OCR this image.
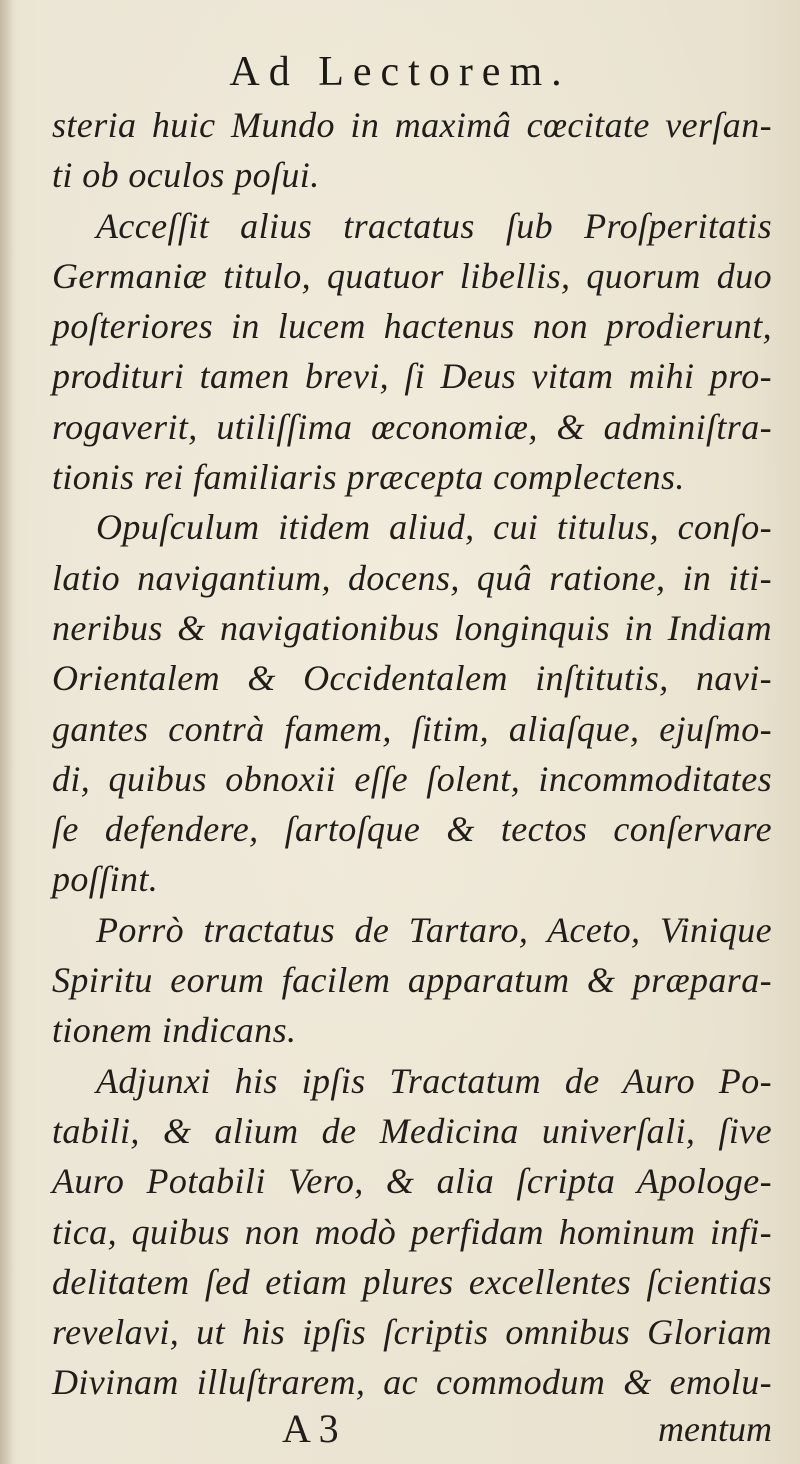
Ad Lectorem.
steria huic Mundo in maximâ cœcitate verſan-
ti ob oculos poſui.
Acceſſit alius tractatus ſub Proſperitatis
Germaniæ titulo, quatuor libellis, quorum duo
poſteriores in lucem hactenus non prodierunt,
prodituri tamen brevi, ſi Deus vitam mihi pro-
rogaverit, utiliſſima œconomiæ, & adminiſtra-
tionis rei familiaris præcepta complectens.
Opuſculum itidem aliud, cui titulus, conſo-
latio navigantium, docens, quâ ratione, in iti-
neribus & navigationibus longinquis in Indiam
Orientalem & Occidentalem inſtitutis, navi-
gantes contrà famem, ſitim, aliaſque, ejuſmo-
di, quibus obnoxii eſſe ſolent, incommoditates
ſe defendere, ſartoſque & tectos conſervare
poſſint.
Porrò tractatus de Tartaro, Aceto, Vinique
Spiritu eorum facilem apparatum & præpara-
tionem indicans.
Adjunxi his ipſis Tractatum de Auro Po-
tabili, & alium de Medicina univerſali, ſive
Auro Potabili Vero, & alia ſcripta Apologe-
tica, quibus non modò perfidam hominum infi-
delitatem ſed etiam plures excellentes ſcientias
revelavi, ut his ipſis ſcriptis omnibus Gloriam
Divinam illuſtrarem, ac commodum & emolu-
A 3	mentum
